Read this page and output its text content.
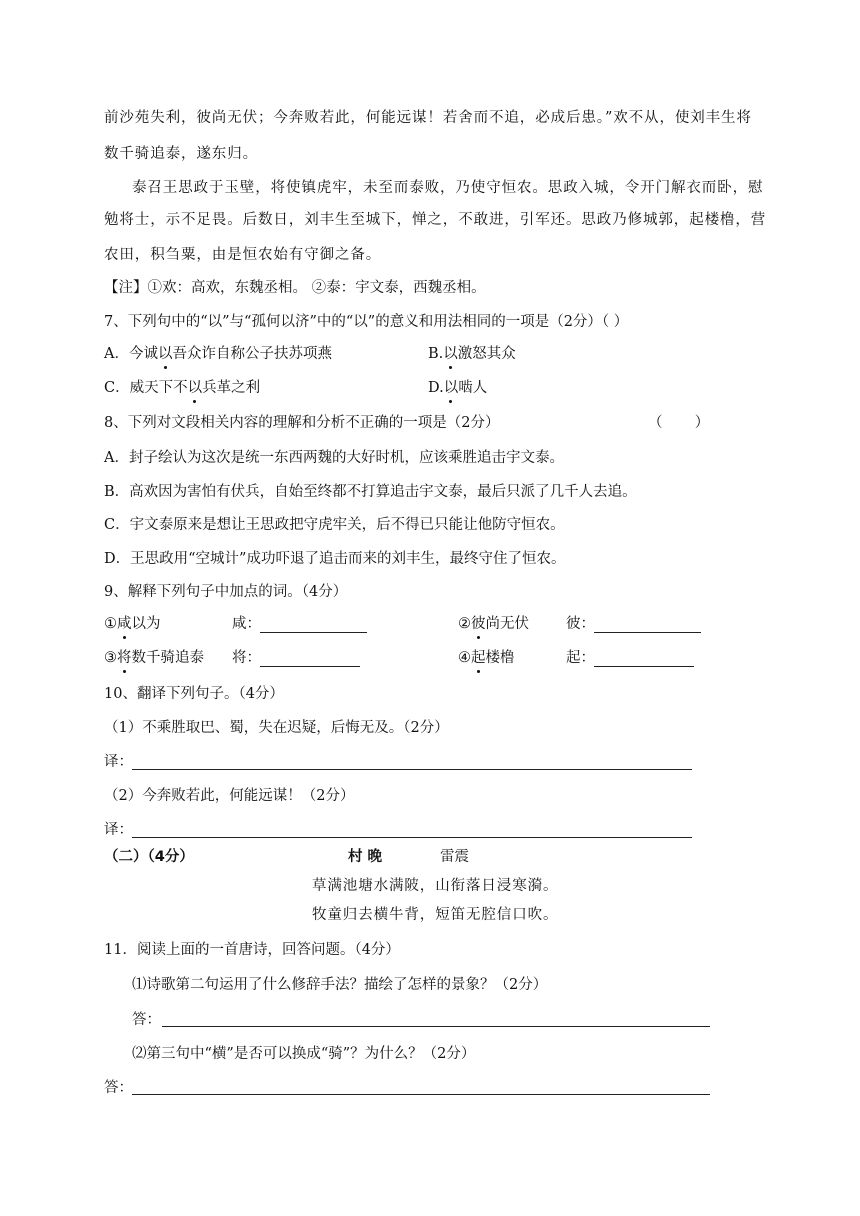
前沙苑失利，彼尚无伏；今奔败若此，何能远谋！若舍而不追，必成后患。”欢不从，使刘丰生将
数千骑追泰，遂东归。
泰召王思政于玉壁，将使镇虎牢，未至而泰败，乃使守恒农。思政入城，令开门解衣而卧，慰
勉将士，示不足畏。后数日，刘丰生至城下，惮之，不敢进，引军还。思政乃修城郭，起楼橹，营
农田，积刍粟，由是恒农始有守御之备。
【注】①欢：高欢，东魏丞相。 ②泰：宇文泰，西魏丞相。
7、下列句中的“以”与“孤何以济”中的“以”的意义和用法相同的一项是（2分）（ ）
A．今诚以吾众诈自称公子扶苏项燕	B.以激怒其众
C．威天下不以兵革之利	D.以啮人
8、下列对文段相关内容的理解和分析不正确的一项是（2分）	（       ）
A．封子绘认为这次是统一东西两魏的大好时机，应该乘胜追击宇文泰。
B．高欢因为害怕有伏兵，自始至终都不打算追击宇文泰，最后只派了几千人去追。
C．宇文泰原来是想让王思政把守虎牢关，后不得已只能让他防守恒农。
D．王思政用“空城计”成功吓退了追击而来的刘丰生，最终守住了恒农。
9、解释下列句子中加点的词。（4分）
①咸以为	咸：	②彼尚无伏	彼：
③将数千骑追泰 将：	④起楼橹	起：
10、翻译下列句子。（4分）
（1）不乘胜取巴、蜀，失在迟疑，后悔无及。（2分）
译：
（2）今奔败若此，何能远谋！（2分）
译：
（二）（4分）	村 晚	雷震
草满池塘水满陂，山衔落日浸寒漪。
牧童归去横牛背，短笛无腔信口吹。
11．阅读上面的一首唐诗，回答问题。（4分）
⑴诗歌第二句运用了什么修辞手法？描绘了怎样的景象？（2分）
答：
⑵第三句中“横”是否可以换成“骑”？为什么？（2分）
答：
